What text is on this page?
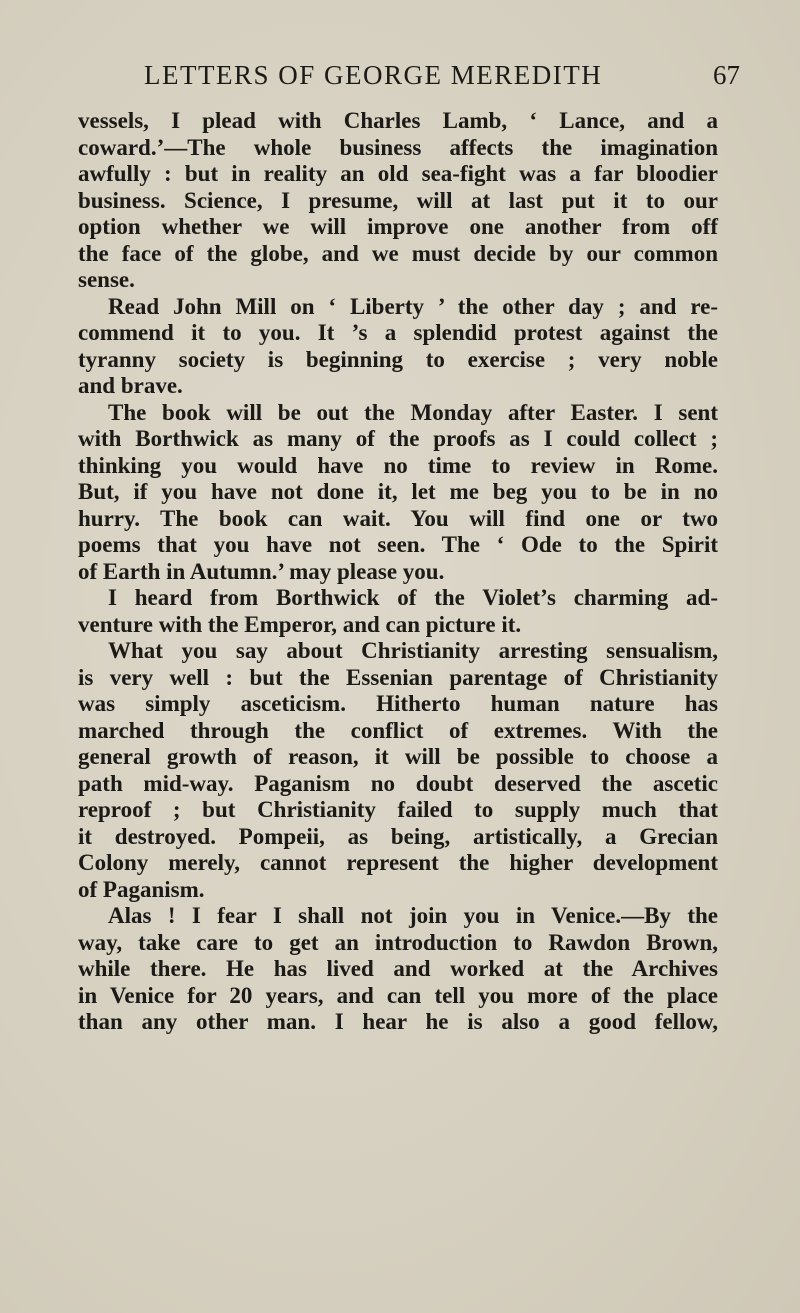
LETTERS OF GEORGE MEREDITH	67
vessels, I plead with Charles Lamb, ‘ Lance, and a
coward.’—The whole business affects the imagination
awfully : but in reality an old sea-fight was a far bloodier
business. Science, I presume, will at last put it to our
option whether we will improve one another from off
the face of the globe, and we must decide by our common
sense.
Read John Mill on ‘ Liberty ’ the other day ; and re-
commend it to you. It ’s a splendid protest against the
tyranny society is beginning to exercise ; very noble
and brave.
The book will be out the Monday after Easter. I sent
with Borthwick as many of the proofs as I could collect ;
thinking you would have no time to review in Rome.
But, if you have not done it, let me beg you to be in no
hurry. The book can wait. You will find one or two
poems that you have not seen. The ‘ Ode to the Spirit
of Earth in Autumn.’ may please you.
I heard from Borthwick of the Violet’s charming ad-
venture with the Emperor, and can picture it.
What you say about Christianity arresting sensualism,
is very well : but the Essenian parentage of Christianity
was simply asceticism. Hitherto human nature has
marched through the conflict of extremes. With the
general growth of reason, it will be possible to choose a
path mid-way. Paganism no doubt deserved the ascetic
reproof ; but Christianity failed to supply much that
it destroyed. Pompeii, as being, artistically, a Grecian
Colony merely, cannot represent the higher development
of Paganism.
Alas ! I fear I shall not join you in Venice.—By the
way, take care to get an introduction to Rawdon Brown,
while there. He has lived and worked at the Archives
in Venice for 20 years, and can tell you more of the place
than any other man. I hear he is also a good fellow,
